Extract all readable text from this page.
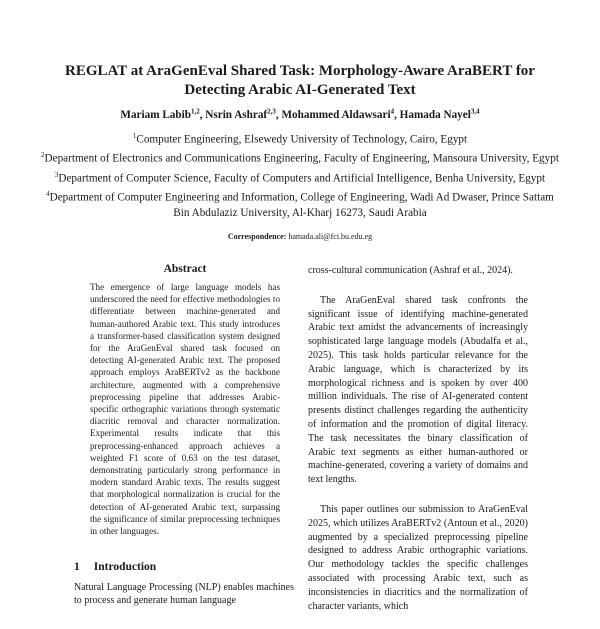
REGLAT at AraGenEval Shared Task: Morphology-Aware AraBERT for Detecting Arabic AI-Generated Text
Mariam Labib$^{1,2}$, Nsrin Ashraf$^{2,3}$, Mohammed Aldawsari$^4$, Hamada Nayel$^{3,4}$
$^1$Computer Engineering, Elsewedy University of Technology, Cairo, Egypt
$^2$Department of Electronics and Communications Engineering, Faculty of Engineering, Mansoura University, Egypt
$^3$Department of Computer Science, Faculty of Computers and Artificial Intelligence, Benha University, Egypt
$^4$Department of Computer Engineering and Information, College of Engineering, Wadi Ad Dwaser, Prince Sattam Bin Abdulaziz University, Al-Kharj 16273, Saudi Arabia
Correspondence: hamada.ali@fci.bu.edu.eg
Abstract
The emergence of large language models has underscored the need for effective methodologies to differentiate between machine-generated and human-authored Arabic text. This study introduces a transformer-based classification system designed for the AraGenEval shared task focused on detecting AI-generated Arabic text. The proposed approach employs AraBERTv2 as the backbone architecture, augmented with a comprehensive preprocessing pipeline that addresses Arabic-specific orthographic variations through systematic diacritic removal and character normalization. Experimental results indicate that this preprocessing-enhanced approach achieves a weighted F1 score of 0.63 on the test dataset, demonstrating particularly strong performance in modern standard Arabic texts. The results suggest that morphological normalization is crucial for the detection of AI-generated Arabic text, surpassing the significance of similar preprocessing techniques in other languages.
1 Introduction
Natural Language Processing (NLP) enables machines to process and generate human language

cross-cultural communication (Ashraf et al., 2024).

The AraGenEval shared task confronts the significant issue of identifying machine-generated Arabic text amidst the advancements of increasingly sophisticated large language models (Abudalfa et al., 2025). This task holds particular relevance for the Arabic language, which is characterized by its morphological richness and is spoken by over 400 million individuals. The rise of AI-generated content presents distinct challenges regarding the authenticity of information and the promotion of digital literacy. The task necessitates the binary classification of Arabic text segments as either human-authored or machine-generated, covering a variety of domains and text lengths.

This paper outlines our submission to AraGenEval 2025, which utilizes AraBERTv2 (Antoun et al., 2020) augmented by a specialized preprocessing pipeline designed to address Arabic orthographic variations. Our methodology tackles the specific challenges associated with processing Arabic text, such as inconsistencies in diacritics and the normalization of character variants, which
